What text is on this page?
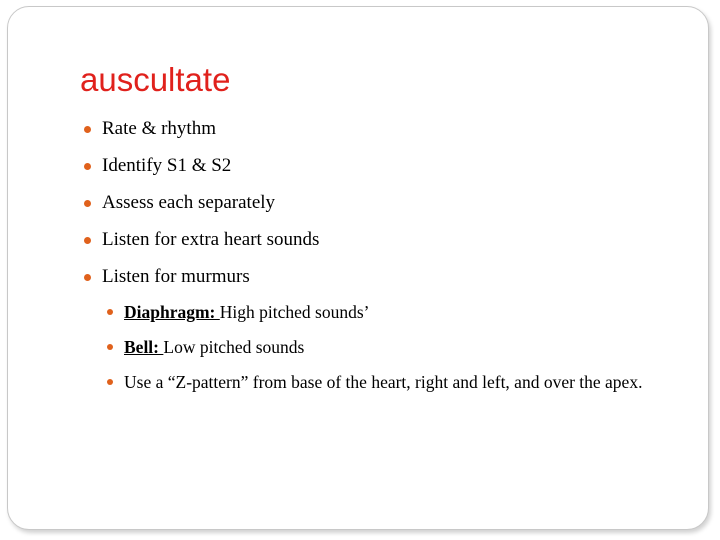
auscultate
Rate & rhythm
Identify S1 & S2
Assess each separately
Listen for extra heart sounds
Listen for murmurs
Diaphragm: High pitched sounds’
Bell: Low pitched sounds
Use a “Z-pattern” from base of the heart, right and left, and over the apex.
